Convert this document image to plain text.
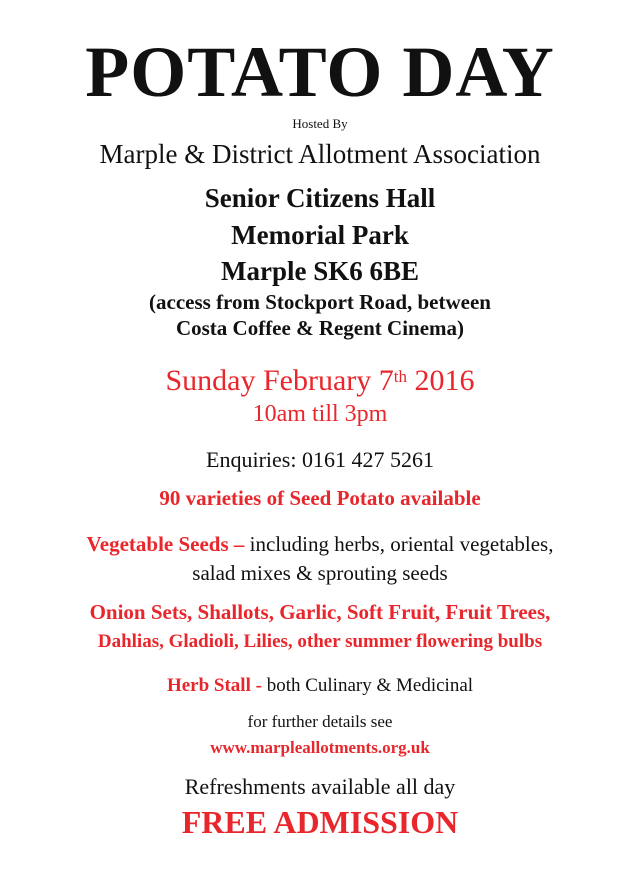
POTATO DAY
Hosted By
Marple & District Allotment Association
Senior Citizens Hall
Memorial Park
Marple SK6 6BE
(access from Stockport Road, between
Costa Coffee & Regent Cinema)
Sunday February 7th 2016
10am till 3pm
Enquiries: 0161 427 5261
90 varieties of Seed Potato available
Vegetable Seeds – including herbs, oriental vegetables,
salad mixes & sprouting seeds
Onion Sets, Shallots, Garlic, Soft Fruit, Fruit Trees,
Dahlias, Gladioli, Lilies, other summer flowering bulbs
Herb Stall - both Culinary & Medicinal
for further details see
www.marpleallotments.org.uk
Refreshments available all day
FREE ADMISSION
